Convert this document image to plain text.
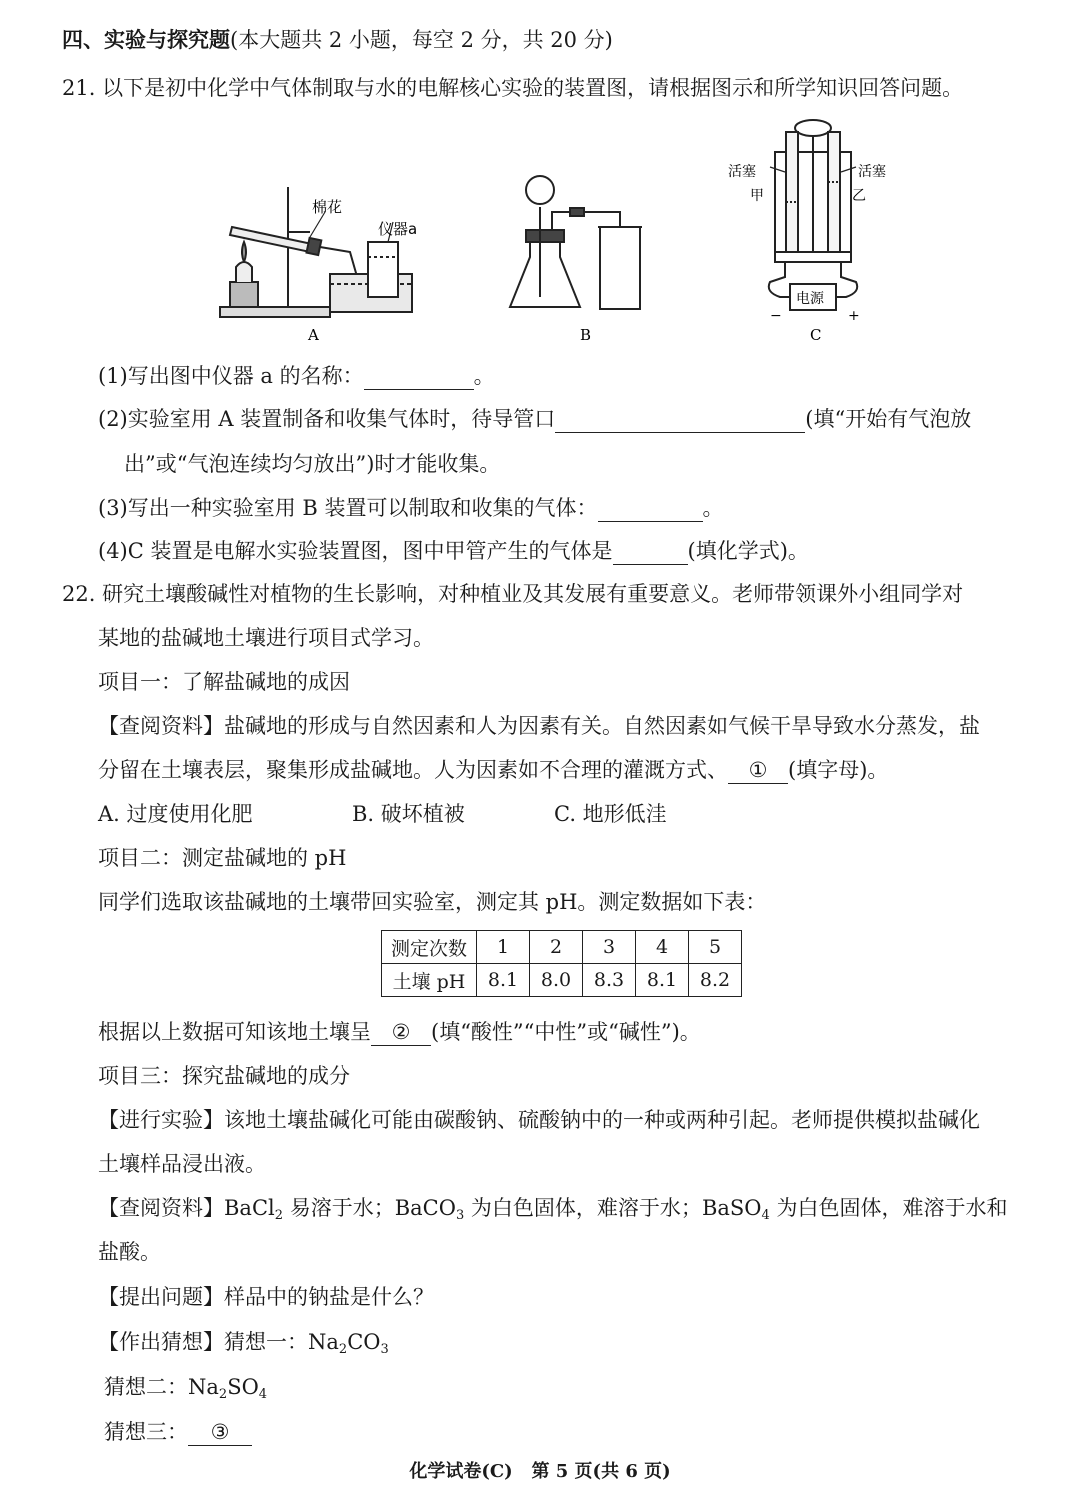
四、实验与探究题(本大题共 2 小题，每空 2 分，共 20 分)
21. 以下是初中化学中气体制取与水的电解核心实验的装置图，请根据图示和所学知识回答问题。
棉花
仪器a
A	B	C
活塞	活塞
甲	乙
电源
−	+
(1)写出图中仪器 a 的名称：	。
(2)实验室用 A 装置制备和收集气体时，待导管口	(填“开始有气泡放
出”或“气泡连续均匀放出”)时才能收集。
(3)写出一种实验室用 B 装置可以制取和收集的气体：	。
(4)C 装置是电解水实验装置图，图中甲管产生的气体是	(填化学式)。
22. 研究土壤酸碱性对植物的生长影响，对种植业及其发展有重要意义。老师带领课外小组同学对
某地的盐碱地土壤进行项目式学习。
项目一：了解盐碱地的成因
【查阅资料】盐碱地的形成与自然因素和人为因素有关。自然因素如气候干旱导致水分蒸发，盐
分留在土壤表层，聚集形成盐碱地。人为因素如不合理的灌溉方式、 ① (填字母)。
A. 过度使用化肥	B. 破坏植被	C. 地形低洼
项目二：测定盐碱地的 pH
同学们选取该盐碱地的土壤带回实验室，测定其 pH。测定数据如下表：
测定次数	1	2	3	4	5
土壤 pH	8.1	8.0	8.3	8.1	8.2
根据以上数据可知该地土壤呈 ② (填“酸性”“中性”或“碱性”)。
项目三：探究盐碱地的成分
【进行实验】该地土壤盐碱化可能由碳酸钠、硫酸钠中的一种或两种引起。老师提供模拟盐碱化
土壤样品浸出液。
【查阅资料】BaCl$_2$ 易溶于水；BaCO$_3$ 为白色固体，难溶于水；BaSO$_4$ 为白色固体，难溶于水和
盐酸。
【提出问题】样品中的钠盐是什么？
【作出猜想】猜想一：$Na_2CO_3$
猜想二：$Na_2SO_4$
猜想三： ③
化学试卷(C)   第 5 页(共 6 页)
